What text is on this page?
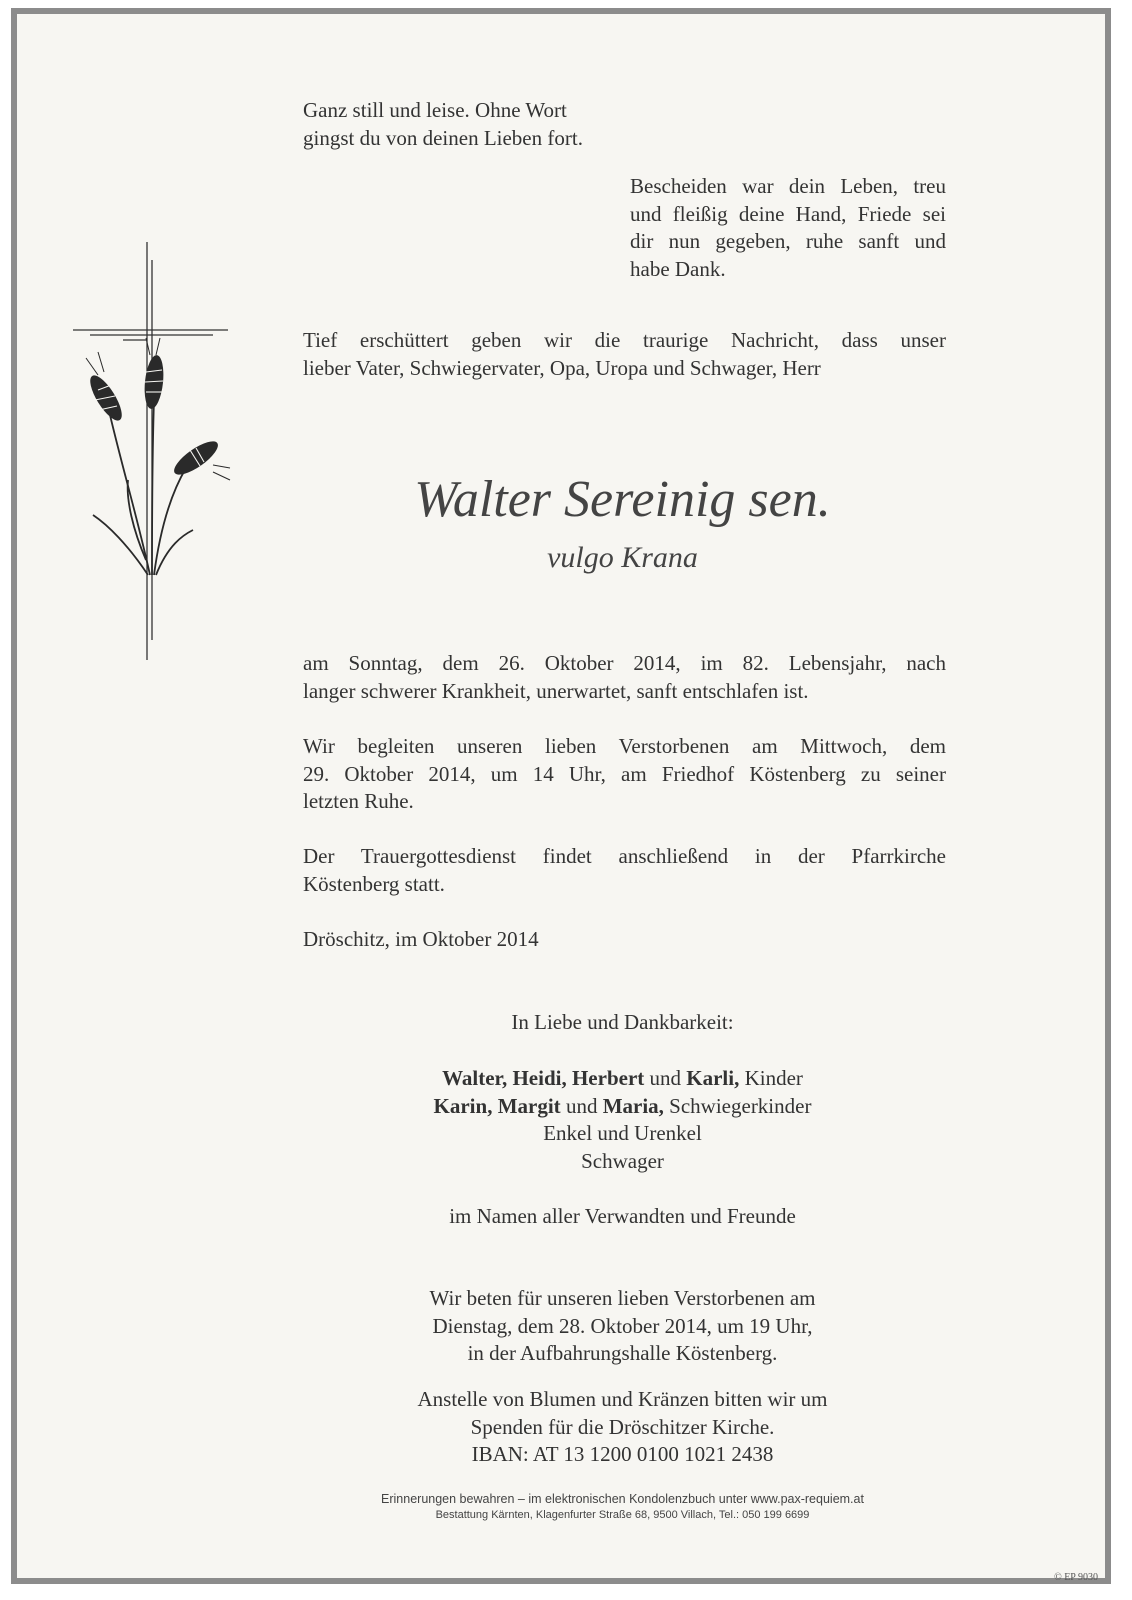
Ganz still und leise. Ohne Wort
gingst du von deinen Lieben fort.

Bescheiden war dein Leben, treu
und fleißig deine Hand, Friede sei
dir nun gegeben, ruhe sanft und
habe Dank.

Tief erschüttert geben wir die traurige Nachricht, dass unser
lieber Vater, Schwiegervater, Opa, Uropa und Schwager, Herr

Walter Sereinig sen.
vulgo Krana

am Sonntag, dem 26. Oktober 2014, im 82. Lebensjahr, nach
langer schwerer Krankheit, unerwartet, sanft entschlafen ist.

Wir begleiten unseren lieben Verstorbenen am Mittwoch, dem
29. Oktober 2014, um 14 Uhr, am Friedhof Köstenberg zu seiner
letzten Ruhe.

Der Trauergottesdienst findet anschließend in der Pfarrkirche
Köstenberg statt.

Dröschitz, im Oktober 2014

In Liebe und Dankbarkeit:

Walter, Heidi, Herbert und Karli, Kinder
Karin, Margit und Maria, Schwiegerkinder
Enkel und Urenkel
Schwager

im Namen aller Verwandten und Freunde

Wir beten für unseren lieben Verstorbenen am
Dienstag, dem 28. Oktober 2014, um 19 Uhr,
in der Aufbahrungshalle Köstenberg.

Anstelle von Blumen und Kränzen bitten wir um
Spenden für die Dröschitzer Kirche.
IBAN: AT 13 1200 0100 1021 2438

Erinnerungen bewahren – im elektronischen Kondolenzbuch unter www.pax-requiem.at
Bestattung Kärnten, Klagenfurter Straße 68, 9500 Villach, Tel.: 050 199 6699
© EP 9030
